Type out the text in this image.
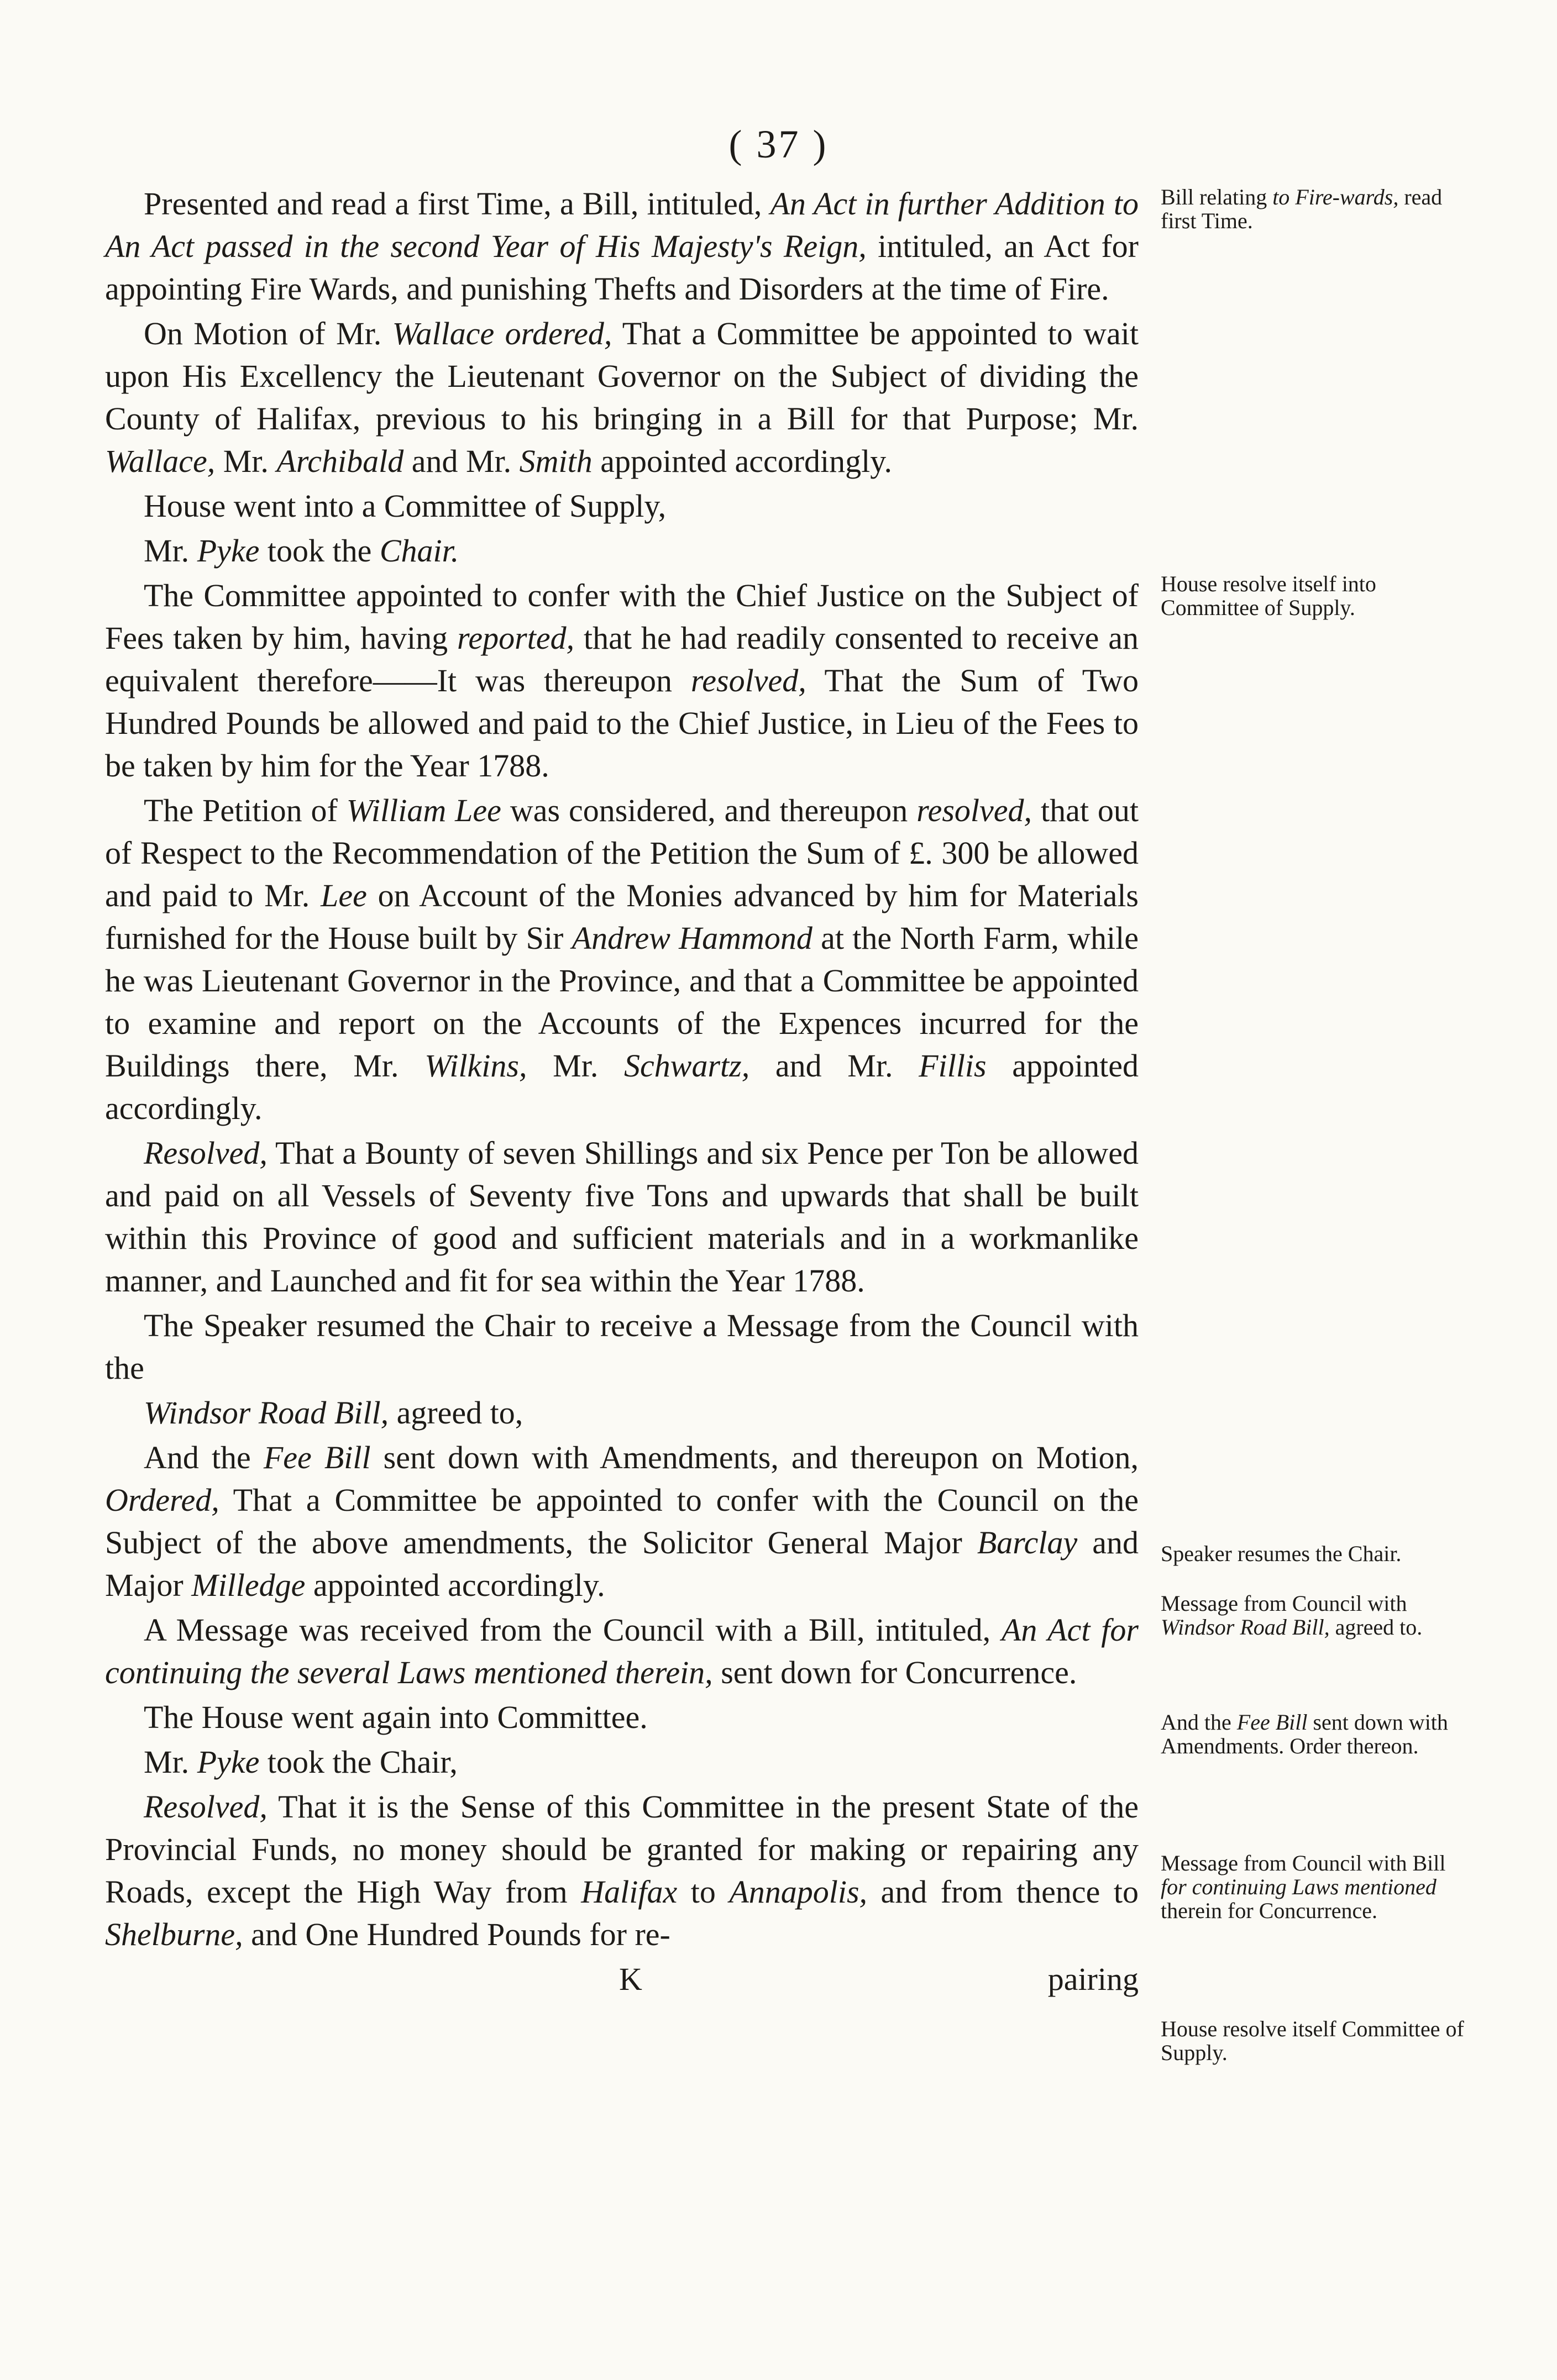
( 37 )

Presented and read a first Time, a Bill, intituled, An Act in further Addition to An Act passed in the second Year of His Majesty's Reign, intituled, an Act for appointing Fire Wards, and punishing Thefts and Disorders at the time of Fire.

On Motion of Mr. Wallace ordered, That a Committee be appointed to wait upon His Excellency the Lieutenant Governor on the Subject of dividing the County of Halifax, previous to his bringing in a Bill for that Purpose; Mr. Wallace, Mr. Archibald and Mr. Smith appointed accordingly.

House went into a Committee of Supply,

Mr. Pyke took the Chair.

The Committee appointed to confer with the Chief Justice on the Subject of Fees taken by him, having reported, that he had readily consented to receive an equivalent therefore——It was thereupon resolved, That the Sum of Two Hundred Pounds be allowed and paid to the Chief Justice, in Lieu of the Fees to be taken by him for the Year 1788.

The Petition of William Lee was considered, and thereupon resolved, that out of Respect to the Recommendation of the Petition the Sum of £. 300 be allowed and paid to Mr. Lee on Account of the Monies advanced by him for Materials furnished for the House built by Sir Andrew Hammond at the North Farm, while he was Lieutenant Governor in the Province, and that a Committee be appointed to examine and report on the Accounts of the Expences incurred for the Buildings there, Mr. Wilkins, Mr. Schwartz, and Mr. Fillis appointed accordingly.

Resolved, That a Bounty of seven Shillings and six Pence per Ton be allowed and paid on all Vessels of Seventy five Tons and upwards that shall be built within this Province of good and sufficient materials and in a workmanlike manner, and Launched and fit for sea within the Year 1788.

The Speaker resumed the Chair to receive a Message from the Council with the

Windsor Road Bill, agreed to,

And the Fee Bill sent down with Amendments, and thereupon on Motion, Ordered, That a Committee be appointed to confer with the Council on the Subject of the above amendments, the Solicitor General Major Barclay and Major Milledge appointed accordingly.

A Message was received from the Council with a Bill, intituled, An Act for continuing the several Laws mentioned therein, sent down for Concurrence.

The House went again into Committee.

Mr. Pyke took the Chair,

Resolved, That it is the Sense of this Committee in the present State of the Provincial Funds, no money should be granted for making or repairing any Roads, except the High Way from Halifax to Annapolis, and from thence to Shelburne, and One Hundred Pounds for re-

K	pairing
Bill relating to Fire-wards, read first Time.
House resolve itself into Committee of Supply.
Speaker resumes the Chair.
Message from Council with Windsor Road Bill, agreed to.
And the Fee Bill sent down with Amendments. Order thereon.
Message from Council with Bill for continuing Laws mentioned therein for Concurrence.
House resolve itself Committee of Supply.
